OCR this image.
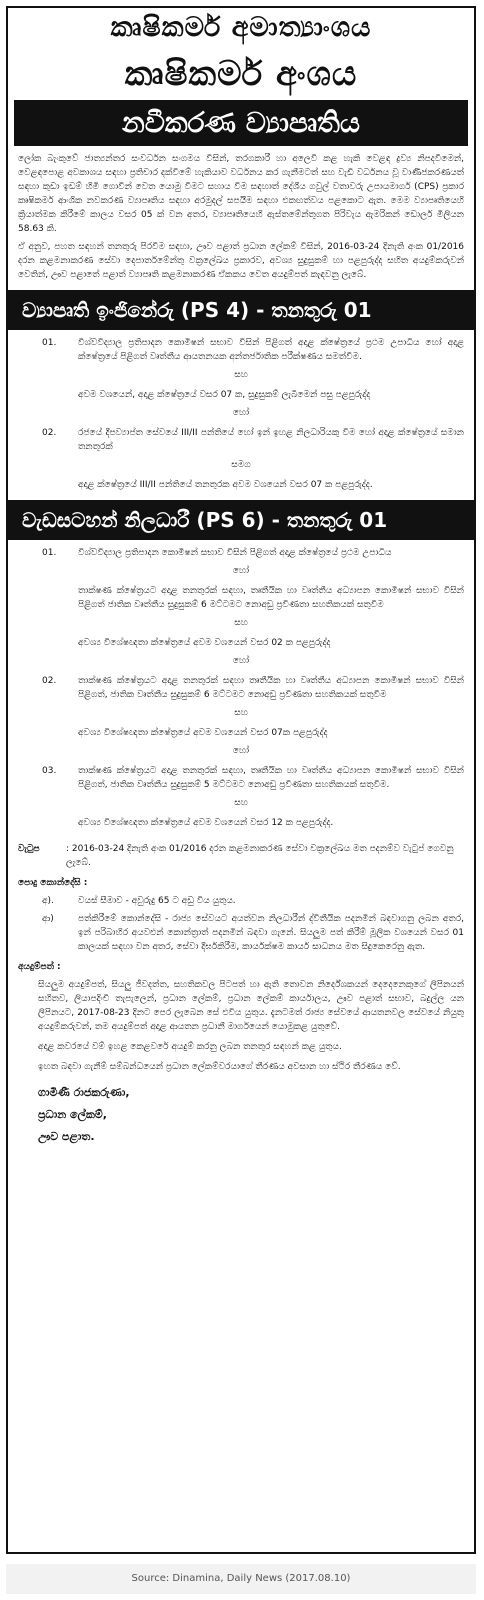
කෘෂිකර්ම අමාත්‍යාංශය
කෘෂිකර්ම අංශය
නවීකරණ ව්‍යාපෘතිය

ලෝක බැංකුවේ ජාත්‍යන්තර සංවර්ධන සංගමය විසින්, තරගකාරී හා අලෙවි කළ හැකි වෙළඳ ද්‍රව්‍ය නිපදවීමෙන්, වෙළඳපොළ අවකාශය සඳහා ප්‍රතිචාර දක්වීමේ හැකියාව වර්ධනය කර ගැනීමටත් සහ වැඩි වර්ධනය වූ වාණිජකරණයත් සඳහා කුඩා ඉඩම් හිමි ගොවීන් වෙත යොමු වීමට සහාය වීම සඳහාත් දේශීය ගවුල් වතාවරු උපායමාර්ග (CPS) ප්‍රකාර කෘෂිකර්ම ආංශික නවකරණ ව්‍යාපෘතිය සඳහා අරමුදල් සපයීම සඳහා එකඟත්වය පළකොට ඇත. මෙම ව්‍යාපෘතියෙහි ක්‍රියාත්මක කිරීමේ කාලය වසර 05 ක් වන අතර, ව්‍යාපෘතියෙහි ඇස්තමේන්තුගත පිරිවැය ඇමරිකන් ඩොලර් මිලියන 58.63 කි.

ඒ අනුව, පහත සඳහන් තනතුරු පිරවීම සඳහා, ඌව පළාත් ප්‍රධාන ලේකම් විසින්, 2016-03-24 දිනැති අංක 01/2016 දරන කළමනාකරණ සේවා දෙපාර්තමේන්තු වක්‍රලේඛය ප්‍රකාරව, අවශ්‍ය සුදුසුකම් හා පළපුරුද්ද සහිත අයදුම්කරුවන් වෙතින්, ඌව පළාතේ පළාත් ව්‍යාපෘති කළමනාකරණ ඒකකය වෙත අයදුම්පත් කැඳවනු ලැබේ.

ව්‍යාපෘති ඉංජිනේරු (PS 4) - තනතුරු 01
01.	විශ්වවිද්‍යාල ප්‍රතිපාදන කොමිෂන් සභාව විසින් පිළිගත් අදාළ ක්ෂේත්‍රයේ ප්‍රථම උපාධිය හෝ අදාළ ක්ෂේත්‍රයේ පිළිගත් වෘත්තීය ආයතනයක අන්තර්ජාතික පරීක්ෂණය සමත්වීම.
සහ
අවම වශයෙන්, අදාළ ක්ෂේත්‍රයේ වසර 07 ක, සුදුසුකම් ලැබීමෙන් පසු පළපුරුද්ද
හෝ
02.	රජයේ දීපව්‍යාප්ත සේවයේ III/II පන්තියේ හෝ ඉන් ඉහළ නිලධාරියකු වීම හෝ අදාළ ක්ෂේත්‍රයේ සමාන තනතුරක්
සමග
අදාළ ක්ෂේත්‍රයේ III/II පන්තියේ තනතුරක අවම වශයෙන් වසර 07 ක පළපුරුද්ද.
වැඩසටහන් නිලධාරී (PS 6) - තනතුරු 01
01.	විශ්වවිද්‍යාල ප්‍රතිපාදන කොමිෂන් සභාව විසින් පිළිගත් අදාළ ක්ෂේත්‍රයේ ප්‍රථම උපාධිය
හෝ
තාක්ෂණ ක්ෂේත්‍රයට අදාළ තනතුරක් සඳහා, තෘතීයික හා වෘත්තීය අධ්‍යාපන කොමිෂන් සභාව විසින් පිළිගත් ජාතික වෘත්තීය සුදුසුකම් 6 මට්ටමට නොඅඩු ප්‍රවීණතා සහතිකයක් සතුවීම
සහ
අවශ්‍ය විශේෂඥතා ක්ෂේත්‍රයේ අවම වශයෙන් වසර 02 ක පළපුරුද්ද
හෝ
02.	තාක්ෂණ ක්ෂේත්‍රයට අදාළ තනතුරක් සඳහා තෘතීයික හා වෘත්තීය අධ්‍යාපන කොමිෂන් සභාව විසින් පිළිගත්, ජාතික වෘත්තීය සුදුසුකම් 6 මට්ටමට නොඅඩු ප්‍රවීණතා සහතිකයක් සතුවීම
සහ
අවශ්‍ය විශේෂඥතා ක්ෂේත්‍රයේ අවම වශයෙන් වසර 07ක පළපුරුද්ද
හෝ
03.	තාක්ෂණ ක්ෂේත්‍රයට අදාළ තනතුරක් සඳහා, තෘතීයික හා වෘත්තීය අධ්‍යාපන කොමිෂන් සභාව විසින් පිළිගත්, ජාතික වෘත්තීය සුදුසුකම් 5 මට්ටමට නොඅඩු ප්‍රවීණතා සහතිකයක් සතුවීම.
සහ
අවශ්‍ය විශේෂඥතා ක්ෂේත්‍රයේ අවම වශයෙන් වසර 12 ක පළපුරුද්ද.
වැටුප	: 2016-03-24 දිනැති අංක 01/2016 දරන කළමනාකරණ සේවා චක්‍රලේඛය මත පදනම්ව වැටුප් ගෙවනු ලැබේ.
පොදු කොන්දේසි :
අ).	වයස් සීමාව - අවුරුදු 65 ට අඩු විය යුතුය.
ආ)	පත්කිරීමේ කොන්දේසි - රාජ්‍ය සේවයට අයත්වන නිලධාරීන් ද්විතීයික පදනමින් බඳවාගනු ලබන අතර, ඉන් පරිබාහිර අයවළුන් කොන්ත්‍රාත් පදනමින් බඳවා ගැනේ. සියලුම පත් කිරීම් මූලික වශයෙන් වසර 01 කාලයක් සඳහා වන අතර, සේවා දීර්ඝකිරීම, කාර්යක්ෂම කාර්ය සාධනය මත සිදුකෙරෙනු ඇත.
අයදුම්පත් :
සියලුම අයදුම්පත්, සියලු ජීවදත්ත, සහතිකවල පිටපත් හා ඇති තොවන නිර්දේශකයන් දෙදෙනෙකුගේ ලිපිනයන් සහිතව, ලියාපදිංචි තැපැලෙන්, ප්‍රධාන ලේකම්, ප්‍රධාන ලේකම් කාර්යාලය, ඌව පළාත් සභාව, බදුල්ල යන ලිපිනයට, 2017-08-23 දිනට පෙර ලැබෙන සේ එවිය යුතුය. දැනටමත් රාජ්‍ය සේවයේ ආයතනවල සේවයේ නියුතු අයදුම්කරුවන්, තම අයදුම්පත් අදාළ ආයතන ප්‍රධානී මාර්ගයෙන් යොමුකළ යුතුවේ.
අදාළ කවරයේ වම් ඉහළ කෙළවරේ අයදුම් කරනු ලබන තනතුර සඳහන් කළ යුතුය.
ඉහත බඳවා ගැනීම් සම්බන්ධයෙන් ප්‍රධාන ලේකම්වරයාගේ තීරණය අවසාන හා ස්ථිර තීරණය වේ.
ගාමිණී රාජකරුණා,
ප්‍රධාන ලේකම්,
ඌව පළාත.
Source: Dinamina, Daily News (2017.08.10)
